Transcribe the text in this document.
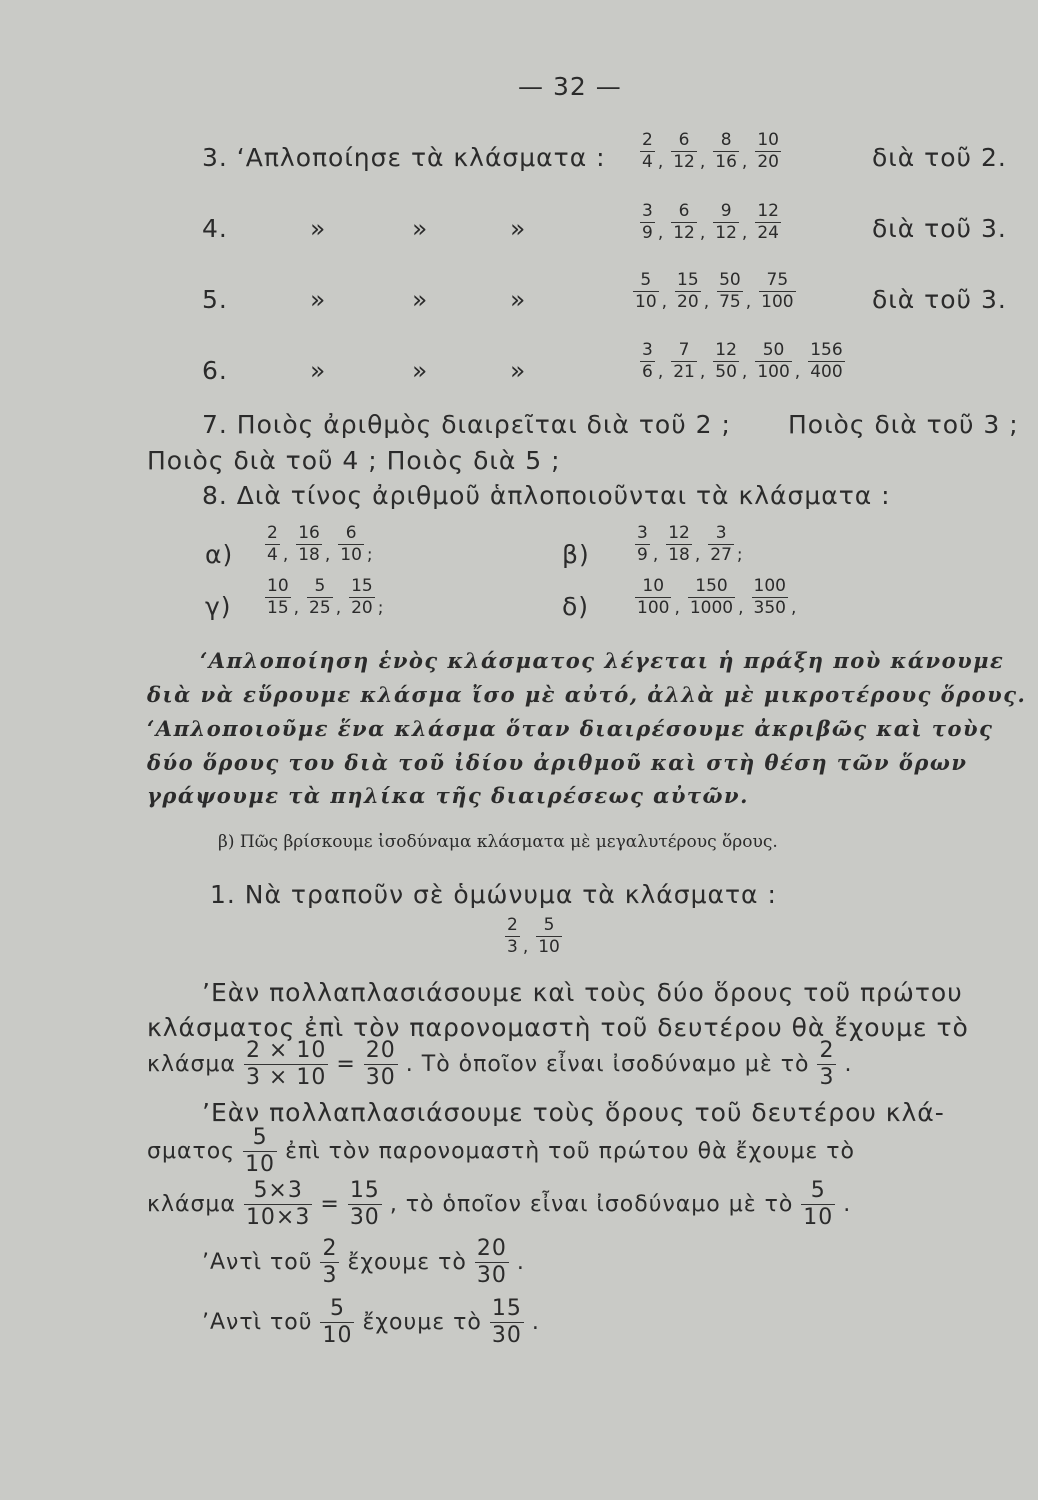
— 32 —
3. ‘Απλοποίησε τὰ κλάσματα : $\frac{2}{4}$ , $\frac{6}{12}$ , $\frac{8}{16}$ , $\frac{10}{20}$	διὰ τοῦ 2.
4.	»	»	»	$\frac{3}{9}$ , $\frac{6}{12}$ , $\frac{9}{12}$ , $\frac{12}{24}$	διὰ τοῦ 3.
5.	»	»	»	$\frac{5}{10}$ , $\frac{15}{20}$ , $\frac{50}{75}$ , $\frac{75}{100}$	διὰ τοῦ 3.
6.	»	»	»	$\frac{3}{6}$ , $\frac{7}{21}$ , $\frac{12}{50}$ , $\frac{50}{100}$ , $\frac{156}{400}$
7. Ποιὸς ἀριθμὸς διαιρεῖται διὰ τοῦ 2 ; Ποιὸς διὰ τοῦ 3 ;
Ποιὸς διὰ τοῦ 4 ; Ποιὸς διὰ 5 ;
8. Διὰ τίνος ἀριθμοῦ ἁπλοποιοῦνται τὰ κλάσματα :
$\alpha) \frac{2}{4}$ , $\frac{16}{18}$ , $\frac{6}{10}$ ;	β)	$\frac{3}{9}$ , $\frac{12}{18}$ , $\frac{3}{27}$ ;
$\gamma) \frac{10}{15}$ , $\frac{5}{25}$ , $\frac{15}{20}$ ;	δ)	$\frac{10}{100}$ , $\frac{150}{1000}$ , $\frac{100}{350}$ ,
‘Απλοποίηση ἑνὸς κλάσματος λέγεται ἡ πράξη ποὺ κάνουμε
διὰ νὰ εὕρουμε κλάσμα ἴσο μὲ αὐτό, ἀλλὰ μὲ μικροτέρους ὅρους.
‘Απλοποιοῦμε ἕνα κλάσμα ὅταν διαιρέσουμε ἀκριβῶς καὶ τοὺς
δύο ὅρους του διὰ τοῦ ἰδίου ἀριθμοῦ καὶ στὴ θέση τῶν ὅρων
γράψουμε τὰ πηλίκα τῆς διαιρέσεως αὐτῶν.
β) Πῶς βρίσκουμε ἰσοδύναμα κλάσματα μὲ μεγαλυτέρους ὅρους.
1. Νὰ τραποῦν σὲ ὁμώνυμα τὰ κλάσματα :
$\frac{2}{3}$ , $\frac{5}{10}$
’Εὰν πολλαπλασιάσουμε καὶ τοὺς δύο ὅρους τοῦ πρώτου
κλάσματος ἐπὶ τὸν παρονομαστὴ τοῦ δευτέρου θὰ ἔχουμε τὸ
κλάσμα $\frac{2 \times 10}{3 \times 10} = \frac{20}{30}$ . Τὸ ὁποῖον εἶναι ἰσοδύναμο μὲ τὸ $\frac{2}{3}$ .
’Εὰν πολλαπλασιάσουμε τοὺς ὅρους τοῦ δευτέρου κλά-
σματος $\frac{5}{10}$ ἐπὶ τὸν παρονομαστὴ τοῦ πρώτου θὰ ἔχουμε τὸ
κλάσμα $\frac{5\times 3}{10\times 3} = \frac{15}{30}$ , τὸ ὁποῖον εἶναι ἰσοδύναμο μὲ τὸ $\frac{5}{10}$ .
’Αντὶ τοῦ $\frac{2}{3}$ ἔχουμε τὸ $\frac{20}{30}$ .
’Αντὶ τοῦ $\frac{5}{10}$ ἔχουμε τὸ $\frac{15}{30}$ .
